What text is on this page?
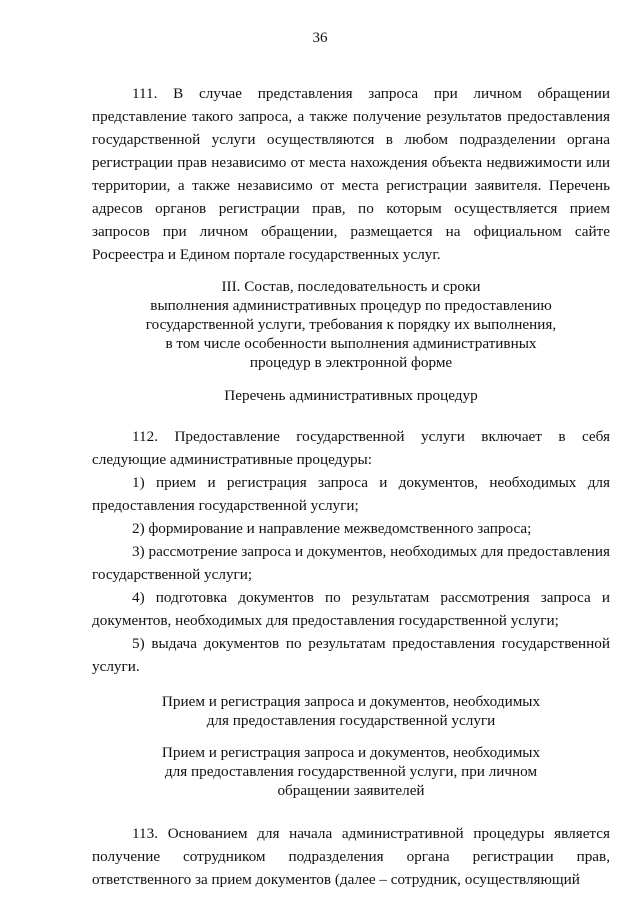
36

111. В случае представления запроса при личном обращении представление такого запроса, а также получение результатов предоставления государственной услуги осуществляются в любом подразделении органа регистрации прав независимо от места нахождения объекта недвижимости или территории, а также независимо от места регистрации заявителя. Перечень адресов органов регистрации прав, по которым осуществляется прием запросов при личном обращении, размещается на официальном сайте Росреестра и Едином портале государственных услуг.

III. Состав, последовательность и сроки
выполнения административных процедур по предоставлению
государственной услуги, требования к порядку их выполнения,
в том числе особенности выполнения административных
процедур в электронной форме
Перечень административных процедур

112. Предоставление государственной услуги включает в себя следующие административные процедуры:

1) прием и регистрация запроса и документов, необходимых для предоставления государственной услуги;

2) формирование и направление межведомственного запроса;

3) рассмотрение запроса и документов, необходимых для предоставления государственной услуги;

4) подготовка документов по результатам рассмотрения запроса и документов, необходимых для предоставления государственной услуги;

5) выдача документов по результатам предоставления государственной услуги.

Прием и регистрация запроса и документов, необходимых
для предоставления государственной услуги
Прием и регистрация запроса и документов, необходимых
для предоставления государственной услуги, при личном
обращении заявителей

113. Основанием для начала административной процедуры является получение сотрудником подразделения органа регистрации прав, ответственного за прием документов (далее – сотрудник, осуществляющий
